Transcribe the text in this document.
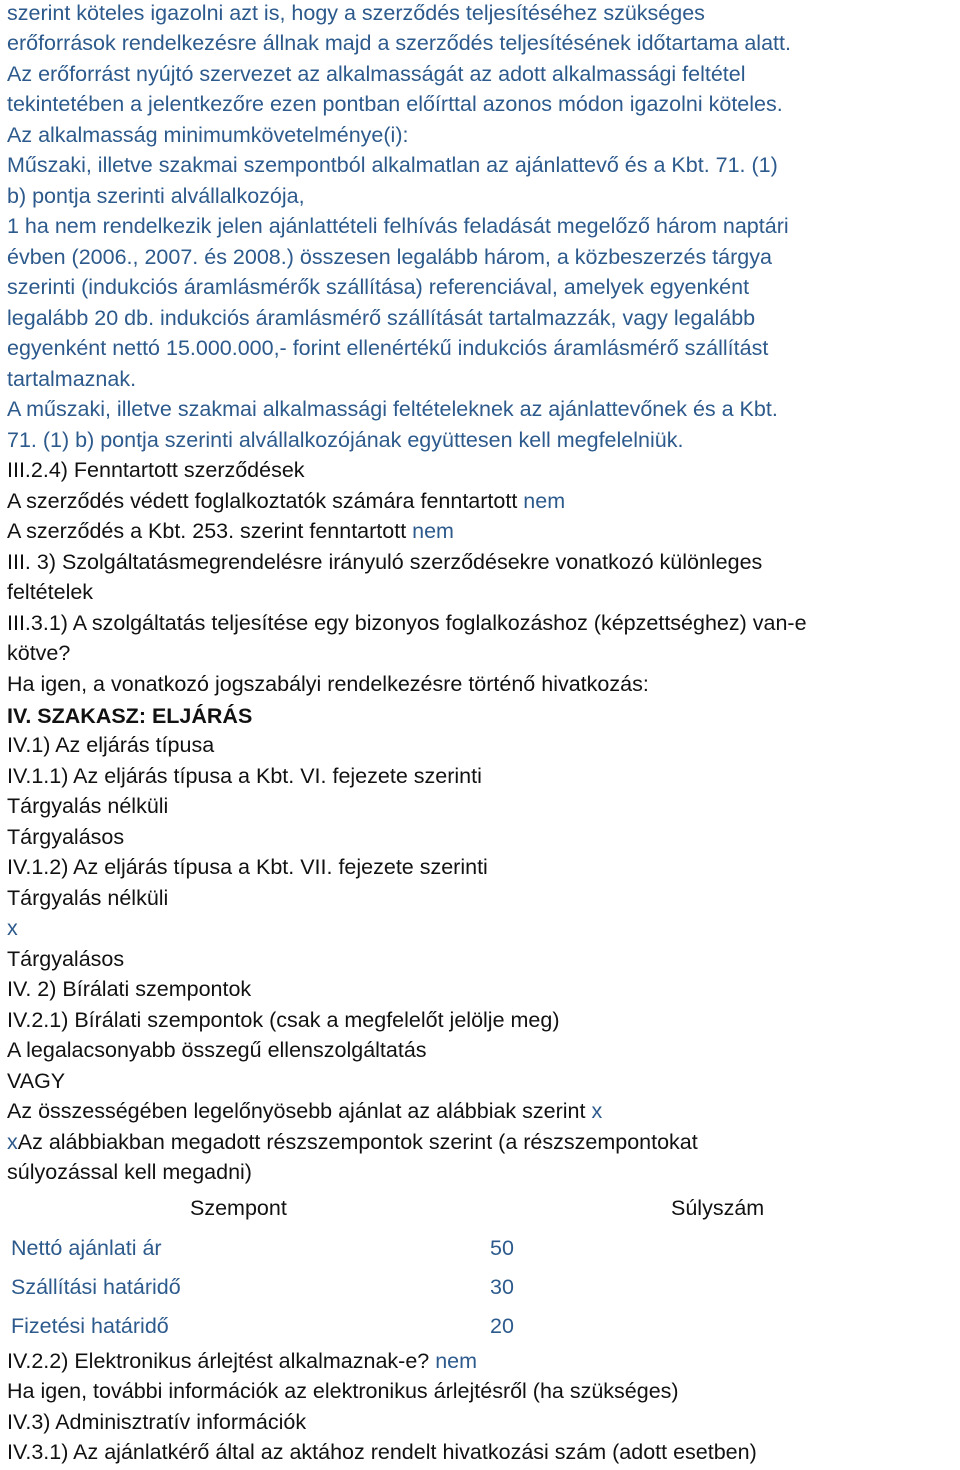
szerint köteles igazolni azt is, hogy a szerződés teljesítéséhez szükséges
erőforrások rendelkezésre állnak majd a szerződés teljesítésének időtartama alatt.
Az erőforrást nyújtó szervezet az alkalmasságát az adott alkalmassági feltétel
tekintetében a jelentkezőre ezen pontban előírttal azonos módon igazolni köteles.
Az alkalmasság minimumkövetelménye(i):
Műszaki, illetve szakmai szempontból alkalmatlan az ajánlattevő és a Kbt. 71. (1)
b) pontja szerinti alvállalkozója,
1 ha nem rendelkezik jelen ajánlattételi felhívás feladását megelőző három naptári
évben (2006., 2007. és 2008.) összesen legalább három, a közbeszerzés tárgya
szerinti (indukciós áramlásmérők szállítása) referenciával, amelyek egyenként
legalább 20 db. indukciós áramlásmérő szállítását tartalmazzák, vagy legalább
egyenként nettó 15.000.000,- forint ellenértékű indukciós áramlásmérő szállítást
tartalmaznak.
A műszaki, illetve szakmai alkalmassági feltételeknek az ajánlattevőnek és a Kbt.
71. (1) b) pontja szerinti alvállalkozójának együttesen kell megfelelniük.
III.2.4) Fenntartott szerződések
A szerződés védett foglalkoztatók számára fenntartott nem
A szerződés a Kbt. 253. szerint fenntartott nem
III. 3) Szolgáltatásmegrendelésre irányuló szerződésekre vonatkozó különleges
feltételek
III.3.1) A szolgáltatás teljesítése egy bizonyos foglalkozáshoz (képzettséghez) van-e
kötve?
Ha igen, a vonatkozó jogszabályi rendelkezésre történő hivatkozás:
IV. SZAKASZ: ELJÁRÁS
IV.1) Az eljárás típusa
IV.1.1) Az eljárás típusa a Kbt. VI. fejezete szerinti
Tárgyalás nélküli
Tárgyalásos
IV.1.2) Az eljárás típusa a Kbt. VII. fejezete szerinti
Tárgyalás nélküli
x
Tárgyalásos
IV. 2) Bírálati szempontok
IV.2.1) Bírálati szempontok (csak a megfelelőt jelölje meg)
A legalacsonyabb összegű ellenszolgáltatás
VAGY
Az összességében legelőnyösebb ajánlat az alábbiak szerint x
xAz alábbiakban megadott részszempontok szerint (a részszempontokat
súlyozással kell megadni)
Szempont	Súlyszám
Nettó ajánlati ár	50
Szállítási határidő	30
Fizetési határidő	20
IV.2.2) Elektronikus árlejtést alkalmaznak-e? nem
Ha igen, további információk az elektronikus árlejtésről (ha szükséges)
IV.3) Adminisztratív információk
IV.3.1) Az ajánlatkérő által az aktához rendelt hivatkozási szám (adott esetben)
